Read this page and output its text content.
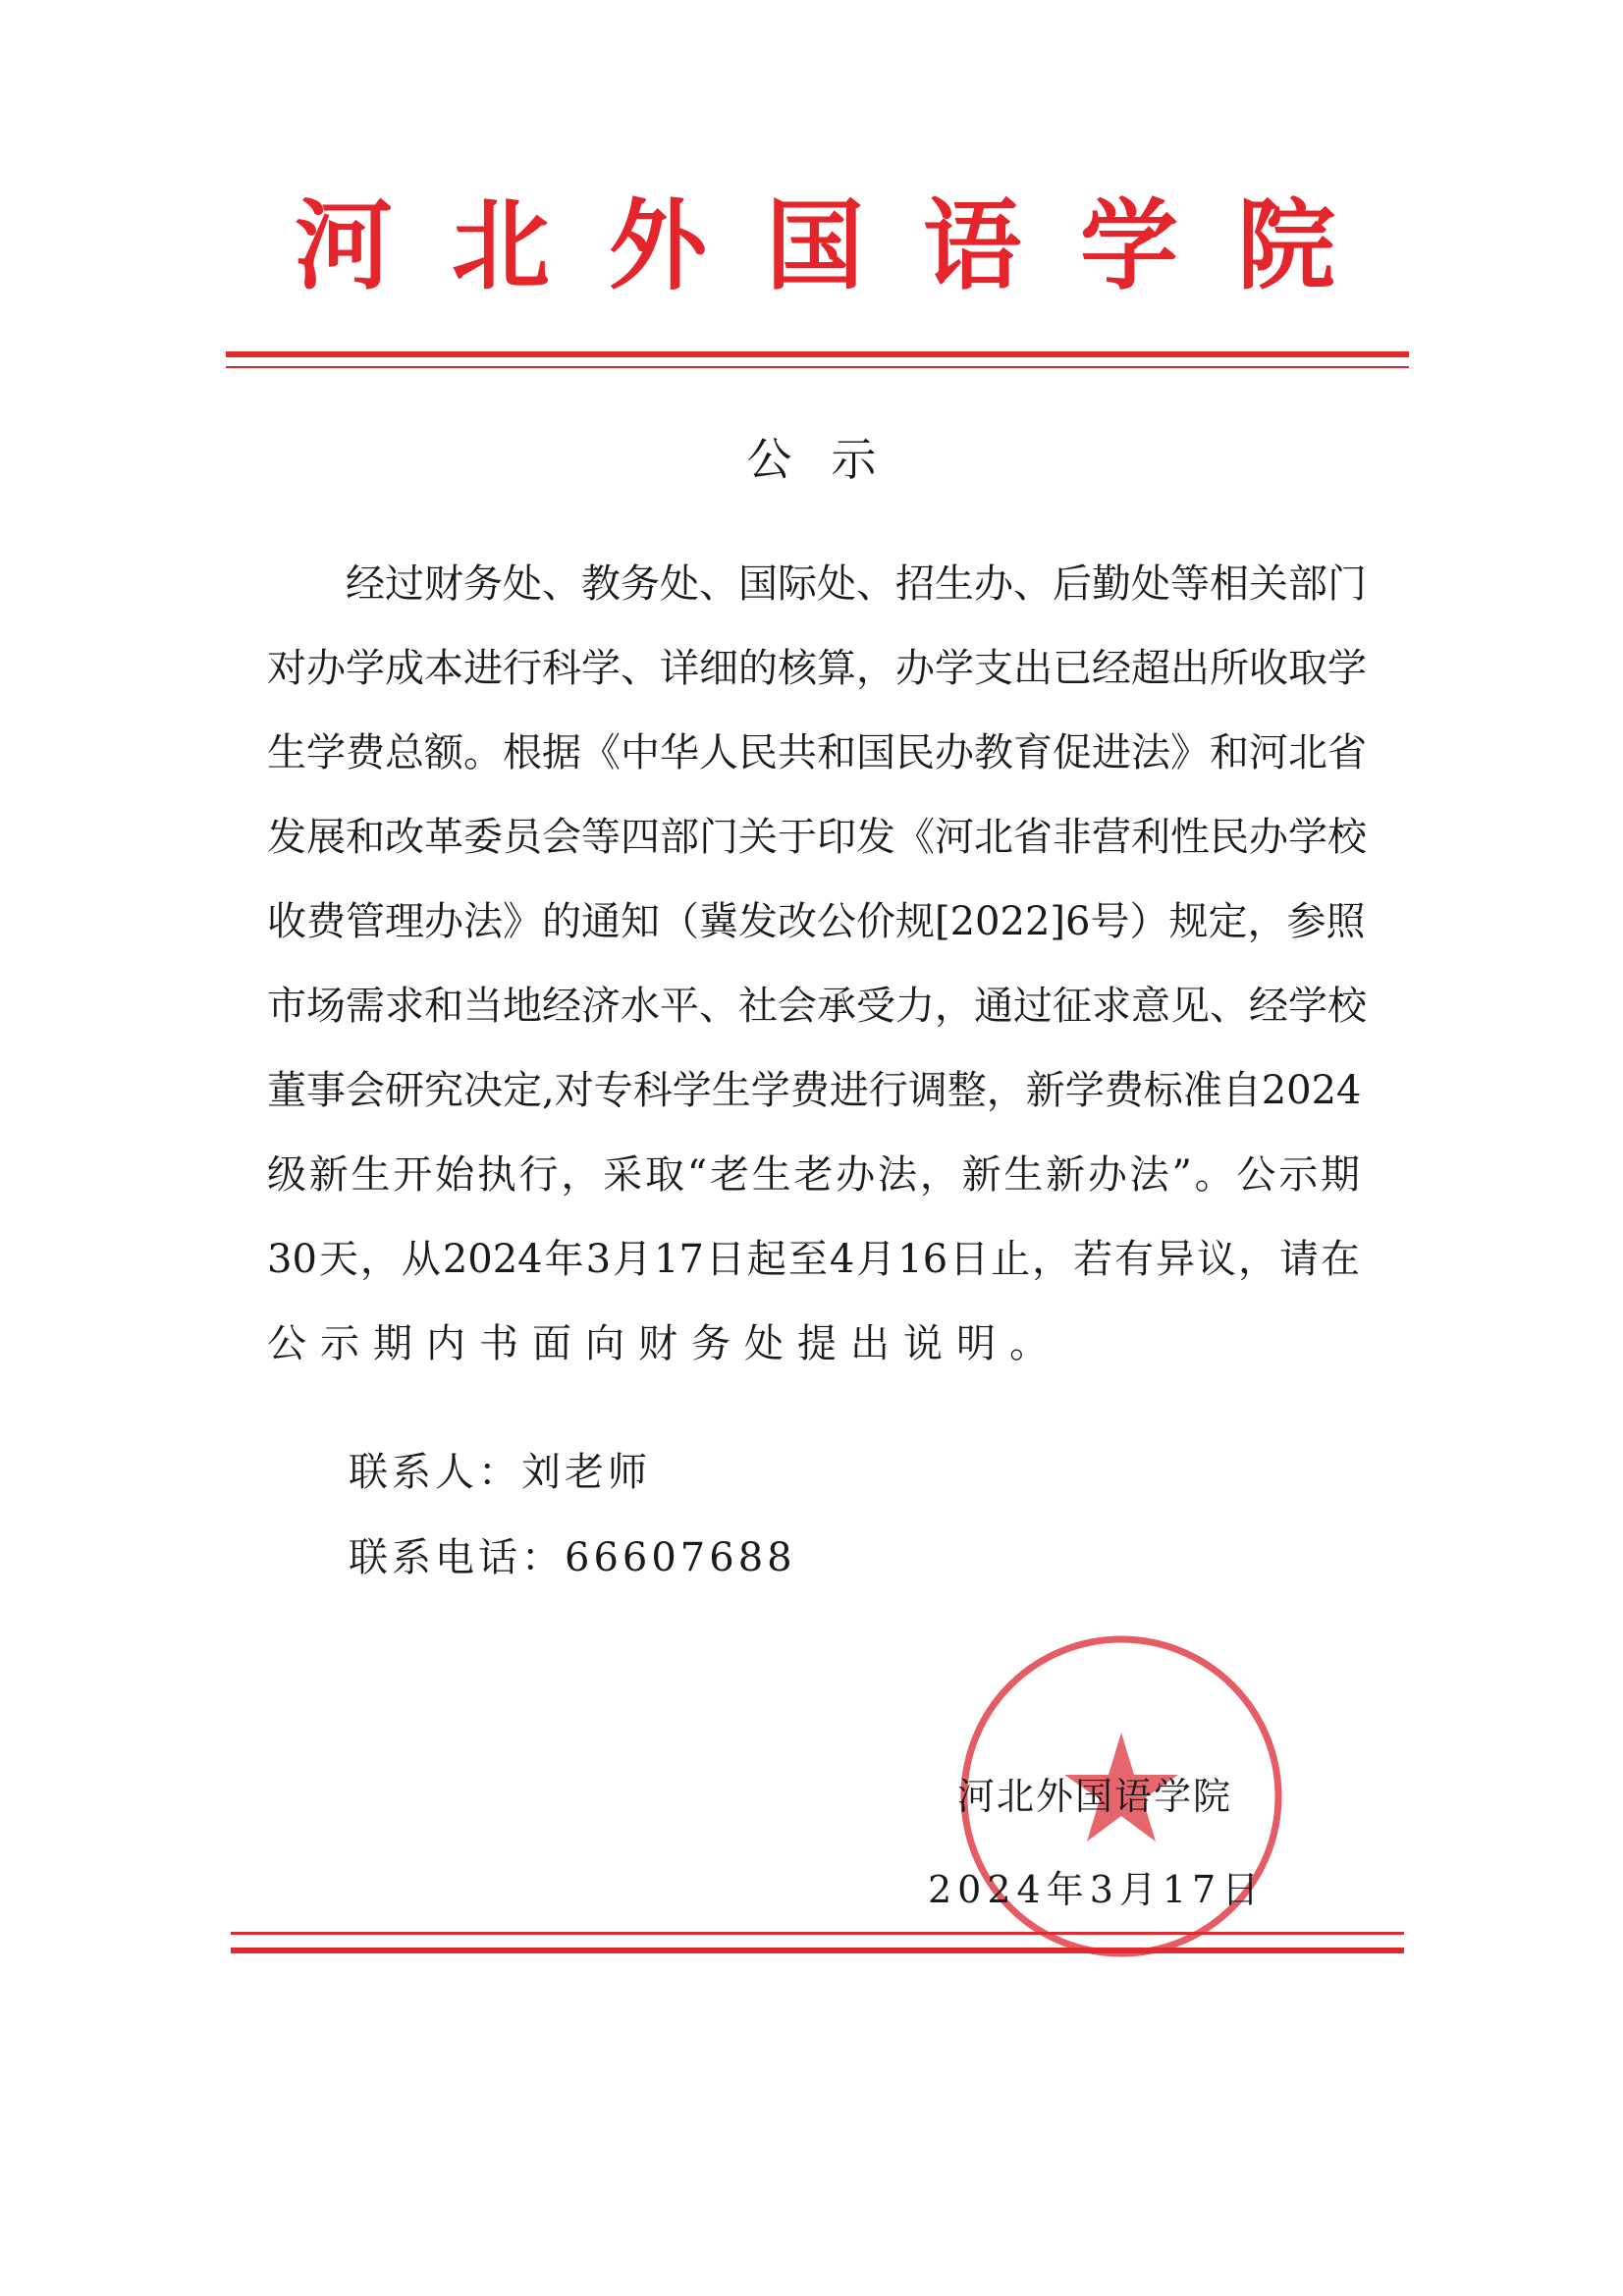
河 北 外 国 语 学 院
公示
经过财务处、教务处、国际处、招生办、后勤处等相关部门
对办学成本进行科学、详细的核算，办学支出已经超出所收取学
生学费总额。根据《中华人民共和国民办教育促进法》和河北省
发展和改革委员会等四部门关于印发《河北省非营利性民办学校
收费管理办法》的通知（冀发改公价规[2022]6号）规定，参照
市场需求和当地经济水平、社会承受力，通过征求意见、经学校
董事会研究决定,对专科学生学费进行调整，新学费标准自2024
级新生开始执行，采取“老生老办法，新生新办法”。公示期
30天，从2024年3月17日起至4月16日止，若有异议，请在
公示期内书面向财务处提出说明。
联系人：刘老师
联系电话：66607688
河北外国语学院
2024年3月17日
